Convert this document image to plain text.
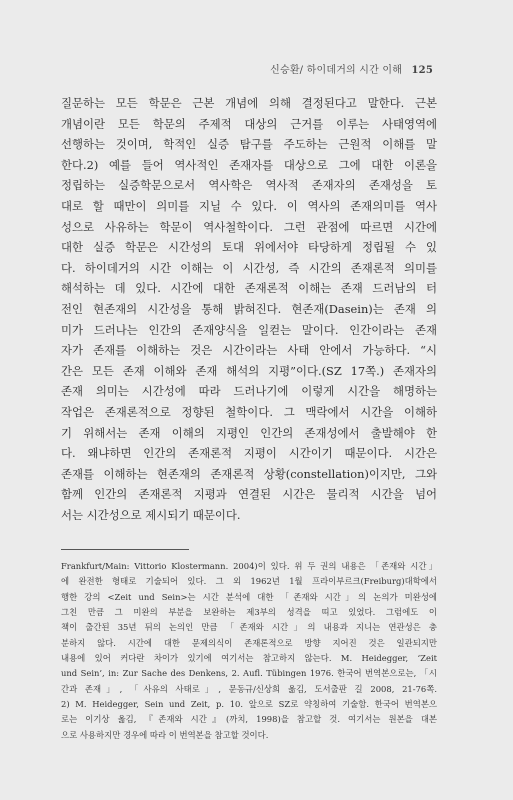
신승환/ 하이데거의 시간 이해 125
질문하는 모든 학문은 근본 개념에 의해 결정된다고 말한다. 근본
개념이란 모든 학문의 주제적 대상의 근거를 이루는 사태영역에
선행하는 것이며, 학적인 실증 탐구를 주도하는 근원적 이해를 말
한다.2) 예를 들어 역사적인 존재자를 대상으로 그에 대한 이론을
정립하는 실증학문으로서 역사학은 역사적 존재자의 존재성을 토
대로 할 때만이 의미를 지닐 수 있다. 이 역사의 존재의미를 역사
성으로 사유하는 학문이 역사철학이다. 그런 관점에 따르면 시간에
대한 실증 학문은 시간성의 토대 위에서야 타당하게 정립될 수 있
다. 하이데거의 시간 이해는 이 시간성, 즉 시간의 존재론적 의미를
해석하는 데 있다. 시간에 대한 존재론적 이해는 존재 드러남의 터
전인 현존재의 시간성을 통해 밝혀진다. 현존재(Dasein)는 존재 의
미가 드러나는 인간의 존재양식을 일컫는 말이다. 인간이라는 존재
자가 존재를 이해하는 것은 시간이라는 사태 안에서 가능하다. “시
간은 모든 존재 이해와 존재 해석의 지평”이다.(SZ 17쪽.) 존재자의
존재 의미는 시간성에 따라 드러나기에 이렇게 시간을 해명하는
작업은 존재론적으로 정향된 철학이다. 그 맥락에서 시간을 이해하
기 위해서는 존재 이해의 지평인 인간의 존재성에서 출발해야 한
다. 왜냐하면 인간의 존재론적 지평이 시간이기 때문이다. 시간은
존재를 이해하는 현존재의 존재론적 상황(constellation)이지만, 그와
함께 인간의 존재론적 지평과 연결된 시간은 물리적 시간을 넘어
서는 시간성으로 제시되기 때문이다.
Frankfurt/Main: Vittorio Klostermann. 2004)이 있다. 위 두 권의 내용은 「존재와 시간」
에 완전한 형태로 기술되어 있다. 그 외 1962년 1월 프라이부르크(Freiburg)대학에서
행한 강의 <Zeit und Sein>는 시간 분석에 대한 「존재와 시간」의 논의가 미완성에
그친 만큼 그 미완의 부분을 보완하는 제3부의 성격을 띠고 있었다. 그럼에도 이
책이 출간된 35년 뒤의 논의인 만큼 「존재와 시간」의 내용과 지니는 연관성은 충
분하지 않다. 시간에 대한 문제의식이 존재론적으로 방향 지어진 것은 일관되지만
내용에 있어 커다란 차이가 있기에 여기서는 참고하지 않는다. M. Heidegger, ‘Zeit
und Sein’, in: Zur Sache des Denkens, 2. Aufl. Tübingen 1976. 한국어 번역본으로는, 「시
간과 존재」, 「사유의 사태로」, 문동규/신상희 옮김, 도서출판 길 2008, 21-76쪽.
2) M. Heidegger, Sein und Zeit, p. 10. 앞으로 SZ로 약칭하여 기술함. 한국어 번역본으
로는 이기상 옮김, 『존재와 시간』(까치, 1998)을 참고할 것. 여기서는 원본을 대본
으로 사용하지만 경우에 따라 이 번역본을 참고할 것이다.
